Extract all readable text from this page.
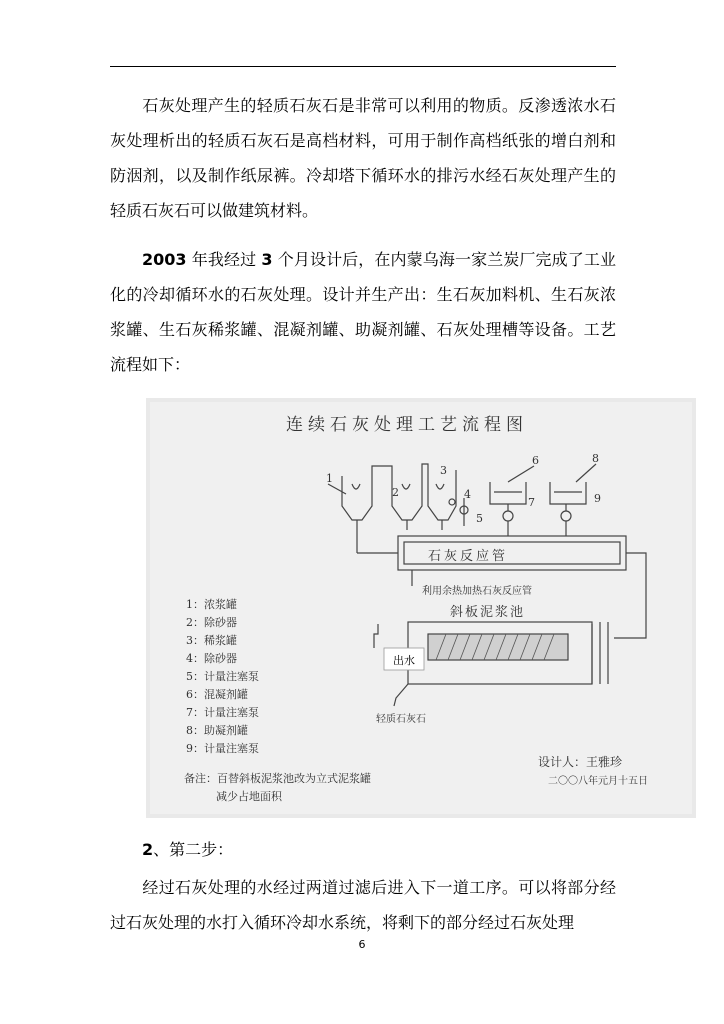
石灰处理产生的轻质石灰石是非常可以利用的物质。反渗透浓水石灰处理析出的轻质石灰石是高档材料，可用于制作高档纸张的增白剂和防洇剂，以及制作纸尿裤。冷却塔下循环水的排污水经石灰处理产生的轻质石灰石可以做建筑材料。

2003 年我经过 3 个月设计后，在内蒙乌海一家兰炭厂完成了工业化的冷却循环水的石灰处理。设计并生产出：生石灰加料机、生石灰浓浆罐、生石灰稀浆罐、混凝剂罐、助凝剂罐、石灰处理槽等设备。工艺流程如下：

连续石灰处理工艺流程图
1
2
3
4
5
6
7
8
9
石灰反应管
利用余热加热石灰反应管
斜板泥浆池
出水
轻质石灰石
1：浓浆罐
2：除砂器
3：稀浆罐
4：除砂器
5：计量注塞泵
6：混凝剂罐
7：计量注塞泵
8：助凝剂罐
9：计量注塞泵
备注：百替斜板泥浆池改为立式泥浆罐
减少占地面积
设计人：王雅珍
二〇〇八年元月十五日

2、第二步：

经过石灰处理的水经过两道过滤后进入下一道工序。可以将部分经过石灰处理的水打入循环冷却水系统，将剩下的部分经过石灰处理

6
